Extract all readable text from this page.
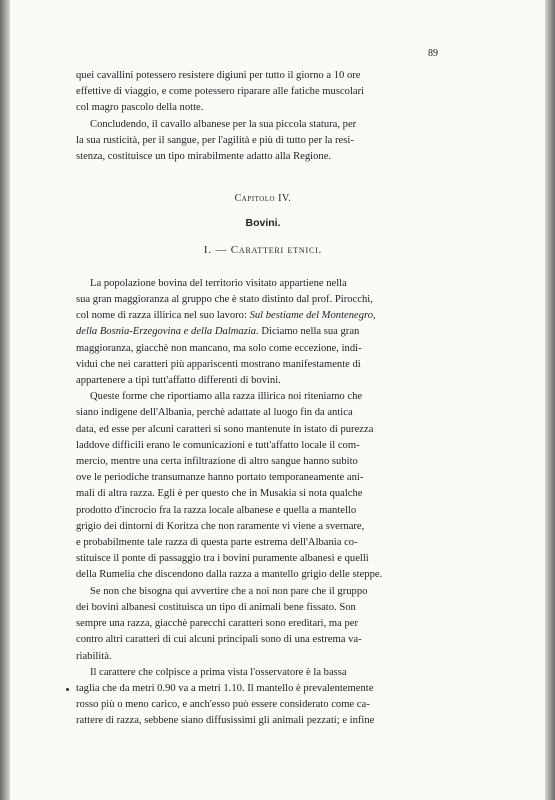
89
quei cavallini potessero resistere digiuni per tutto il giorno a 10 ore
effettive di viaggio, e come potessero riparare alle fatiche muscolari
col magro pascolo della notte.
Concludendo, il cavallo albanese per la sua piccola statura, per
la sua rusticità, per il sangue, per l'agilità e più di tutto per la resi-
stenza, costituisce un tipo mirabilmente adatto alla Regione.
Capitolo IV.
Bovini.
I. — Caratteri etnici.
La popolazione bovina del territorio visitato appartiene nella
sua gran maggioranza al gruppo che è stato distinto dal prof. Pirocchi,
col nome di razza illirica nel suo lavoro: Sul bestiame del Montenegro,
della Bosnia-Erzegovina e della Dalmazia. Diciamo nella sua gran
maggioranza, giacchè non mancano, ma solo come eccezione, indi-
vidui che nei caratteri più appariscenti mostrano manifestamente di
appartenere a tipi tutt'affatto differenti di bovini.
Queste forme che riportiamo alla razza illirica noi riteniamo che
siano indigene dell'Albania, perchè adattate al luogo fin da antica
data, ed esse per alcuni caratteri si sono mantenute in istato di purezza
laddove difficili erano le comunicazioni e tutt'affatto locale il com-
mercio, mentre una certa infiltrazione di altro sangue hanno subito
ove le periodiche transumanze hanno portato temporaneamente ani-
mali di altra razza. Egli è per questo che in Musakia si nota qualche
prodotto d'incrocio fra la razza locale albanese e quella a mantello
grigio dei dintorni di Koritza che non raramente vi viene a svernare,
e probabilmente tale razza di questa parte estrema dell'Albania co-
stituisce il ponte di passaggio tra i bovini puramente albanesi e quelli
della Rumelia che discendono dalla razza a mantello grigio delle steppe.
Se non che bisogna qui avvertire che a noi non pare che il gruppo
dei bovini albanesi costituisca un tipo di animali bene fissato. Son
sempre una razza, giacchè parecchi caratteri sono ereditari, ma per
contro altri caratteri di cui alcuni principali sono di una estrema va-
riabilità.
Il carattere che colpisce a prima vista l'osservatore è la bassa
taglia che da metri 0.90 va a metri 1.10. Il mantello è prevalentemente
rosso più o meno carico, e anch'esso può essere considerato come ca-
rattere di razza, sebbene siano diffusissimi gli animali pezzati; e infine
